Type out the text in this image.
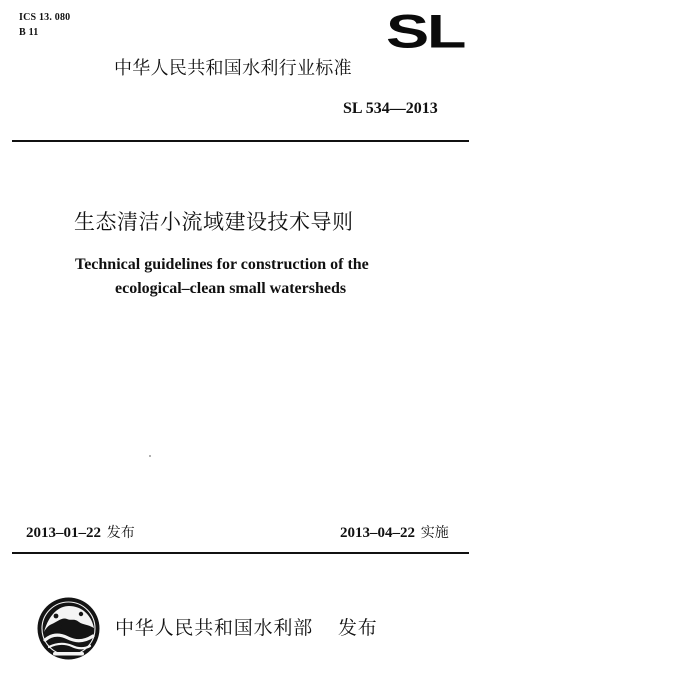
ICS 13. 080
B 11	SL
中华人民共和国水利行业标准
SL 534—2013
生态清洁小流域建设技术导则
Technical guidelines for construction of the
ecological–clean small watersheds
2013–01–22 发布	2013–04–22 实施
中华人民共和国水利部 发布
